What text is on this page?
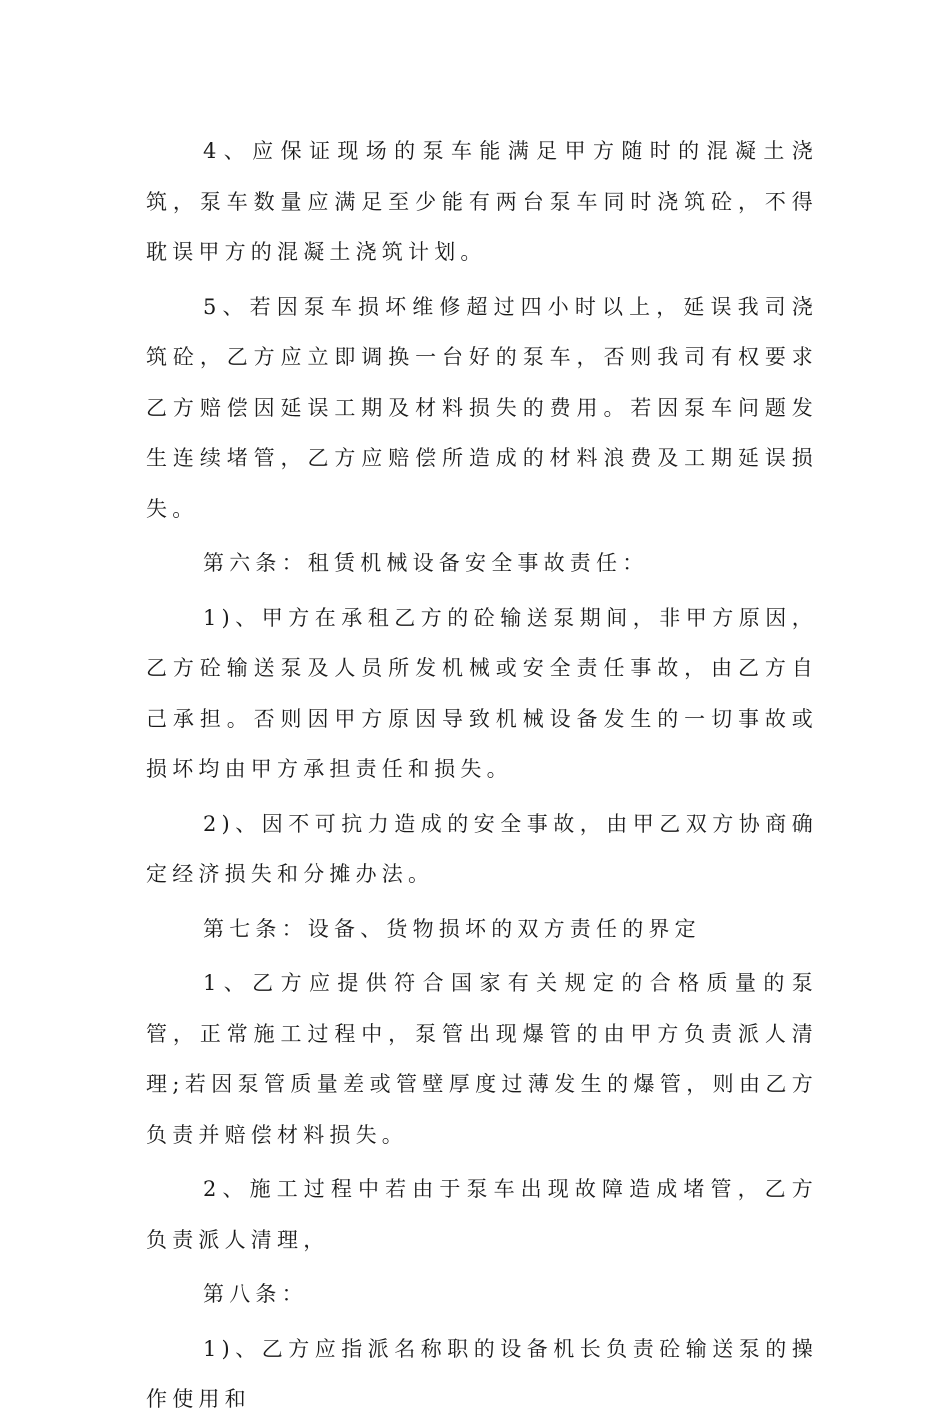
4、应保证现场的泵车能满足甲方随时的混凝土浇筑，泵车数量应满足至少能有两台泵车同时浇筑砼，不得耽误甲方的混凝土浇筑计划。

5、若因泵车损坏维修超过四小时以上，延误我司浇筑砼，乙方应立即调换一台好的泵车，否则我司有权要求乙方赔偿因延误工期及材料损失的费用。若因泵车问题发生连续堵管，乙方应赔偿所造成的材料浪费及工期延误损失。

第六条：租赁机械设备安全事故责任：

1)、甲方在承租乙方的砼输送泵期间，非甲方原因，乙方砼输送泵及人员所发机械或安全责任事故，由乙方自己承担。否则因甲方原因导致机械设备发生的一切事故或损坏均由甲方承担责任和损失。

2)、因不可抗力造成的安全事故，由甲乙双方协商确定经济损失和分摊办法。

第七条：设备、货物损坏的双方责任的界定

1、乙方应提供符合国家有关规定的合格质量的泵管，正常施工过程中，泵管出现爆管的由甲方负责派人清理;若因泵管质量差或管壁厚度过薄发生的爆管，则由乙方负责并赔偿材料损失。

2、施工过程中若由于泵车出现故障造成堵管，乙方负责派人清理，

第八条：

1)、乙方应指派名称职的设备机长负责砼输送泵的操作使用和
